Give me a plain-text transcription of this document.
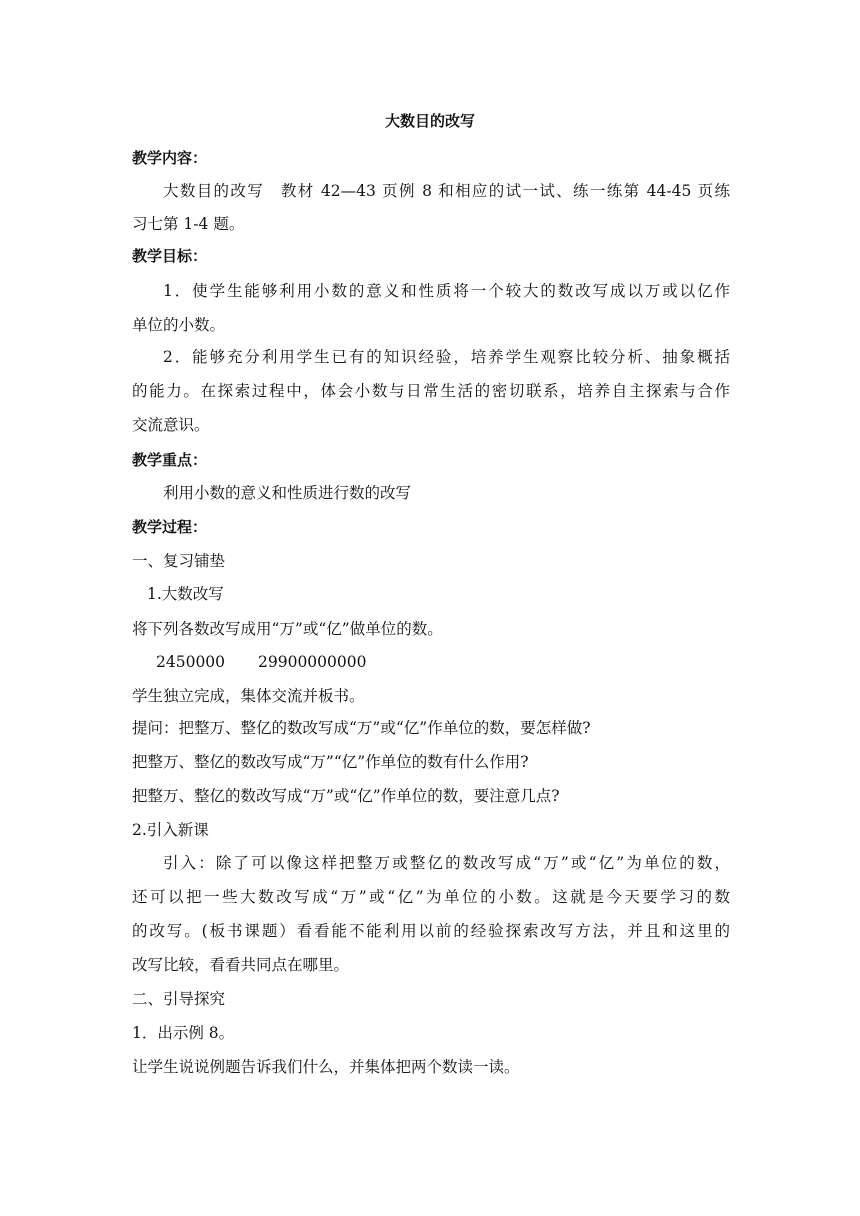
大数目的改写
教学内容：
大数目的改写　教材 42—43 页例 8 和相应的试一试、练一练第 44-45 页练
习七第 1-4 题。
教学目标：
1．使学生能够利用小数的意义和性质将一个较大的数改写成以万或以亿作
单位的小数。
2．能够充分利用学生已有的知识经验，培养学生观察比较分析、抽象概括
的能力。在探索过程中，体会小数与日常生活的密切联系，培养自主探索与合作
交流意识。
教学重点：
利用小数的意义和性质进行数的改写
教学过程：
一、复习铺垫
1.大数改写
将下列各数改写成用“万”或“亿”做单位的数。
2450000 29900000000
学生独立完成，集体交流并板书。
提问：把整万、整亿的数改写成“万”或“亿”作单位的数，要怎样做?
把整万、整亿的数改写成“万”“亿”作单位的数有什么作用?
把整万、整亿的数改写成“万”或“亿”作单位的数，要注意几点?
2.引入新课
引入：除了可以像这样把整万或整亿的数改写成“万”或“亿”为单位的数，
还可以把一些大数改写成“万”或“亿”为单位的小数。这就是今天要学习的数
的改写。(板书课题）看看能不能利用以前的经验探索改写方法，并且和这里的
改写比较，看看共同点在哪里。
二、引导探究
1．出示例 8。
让学生说说例题告诉我们什么，并集体把两个数读一读。
